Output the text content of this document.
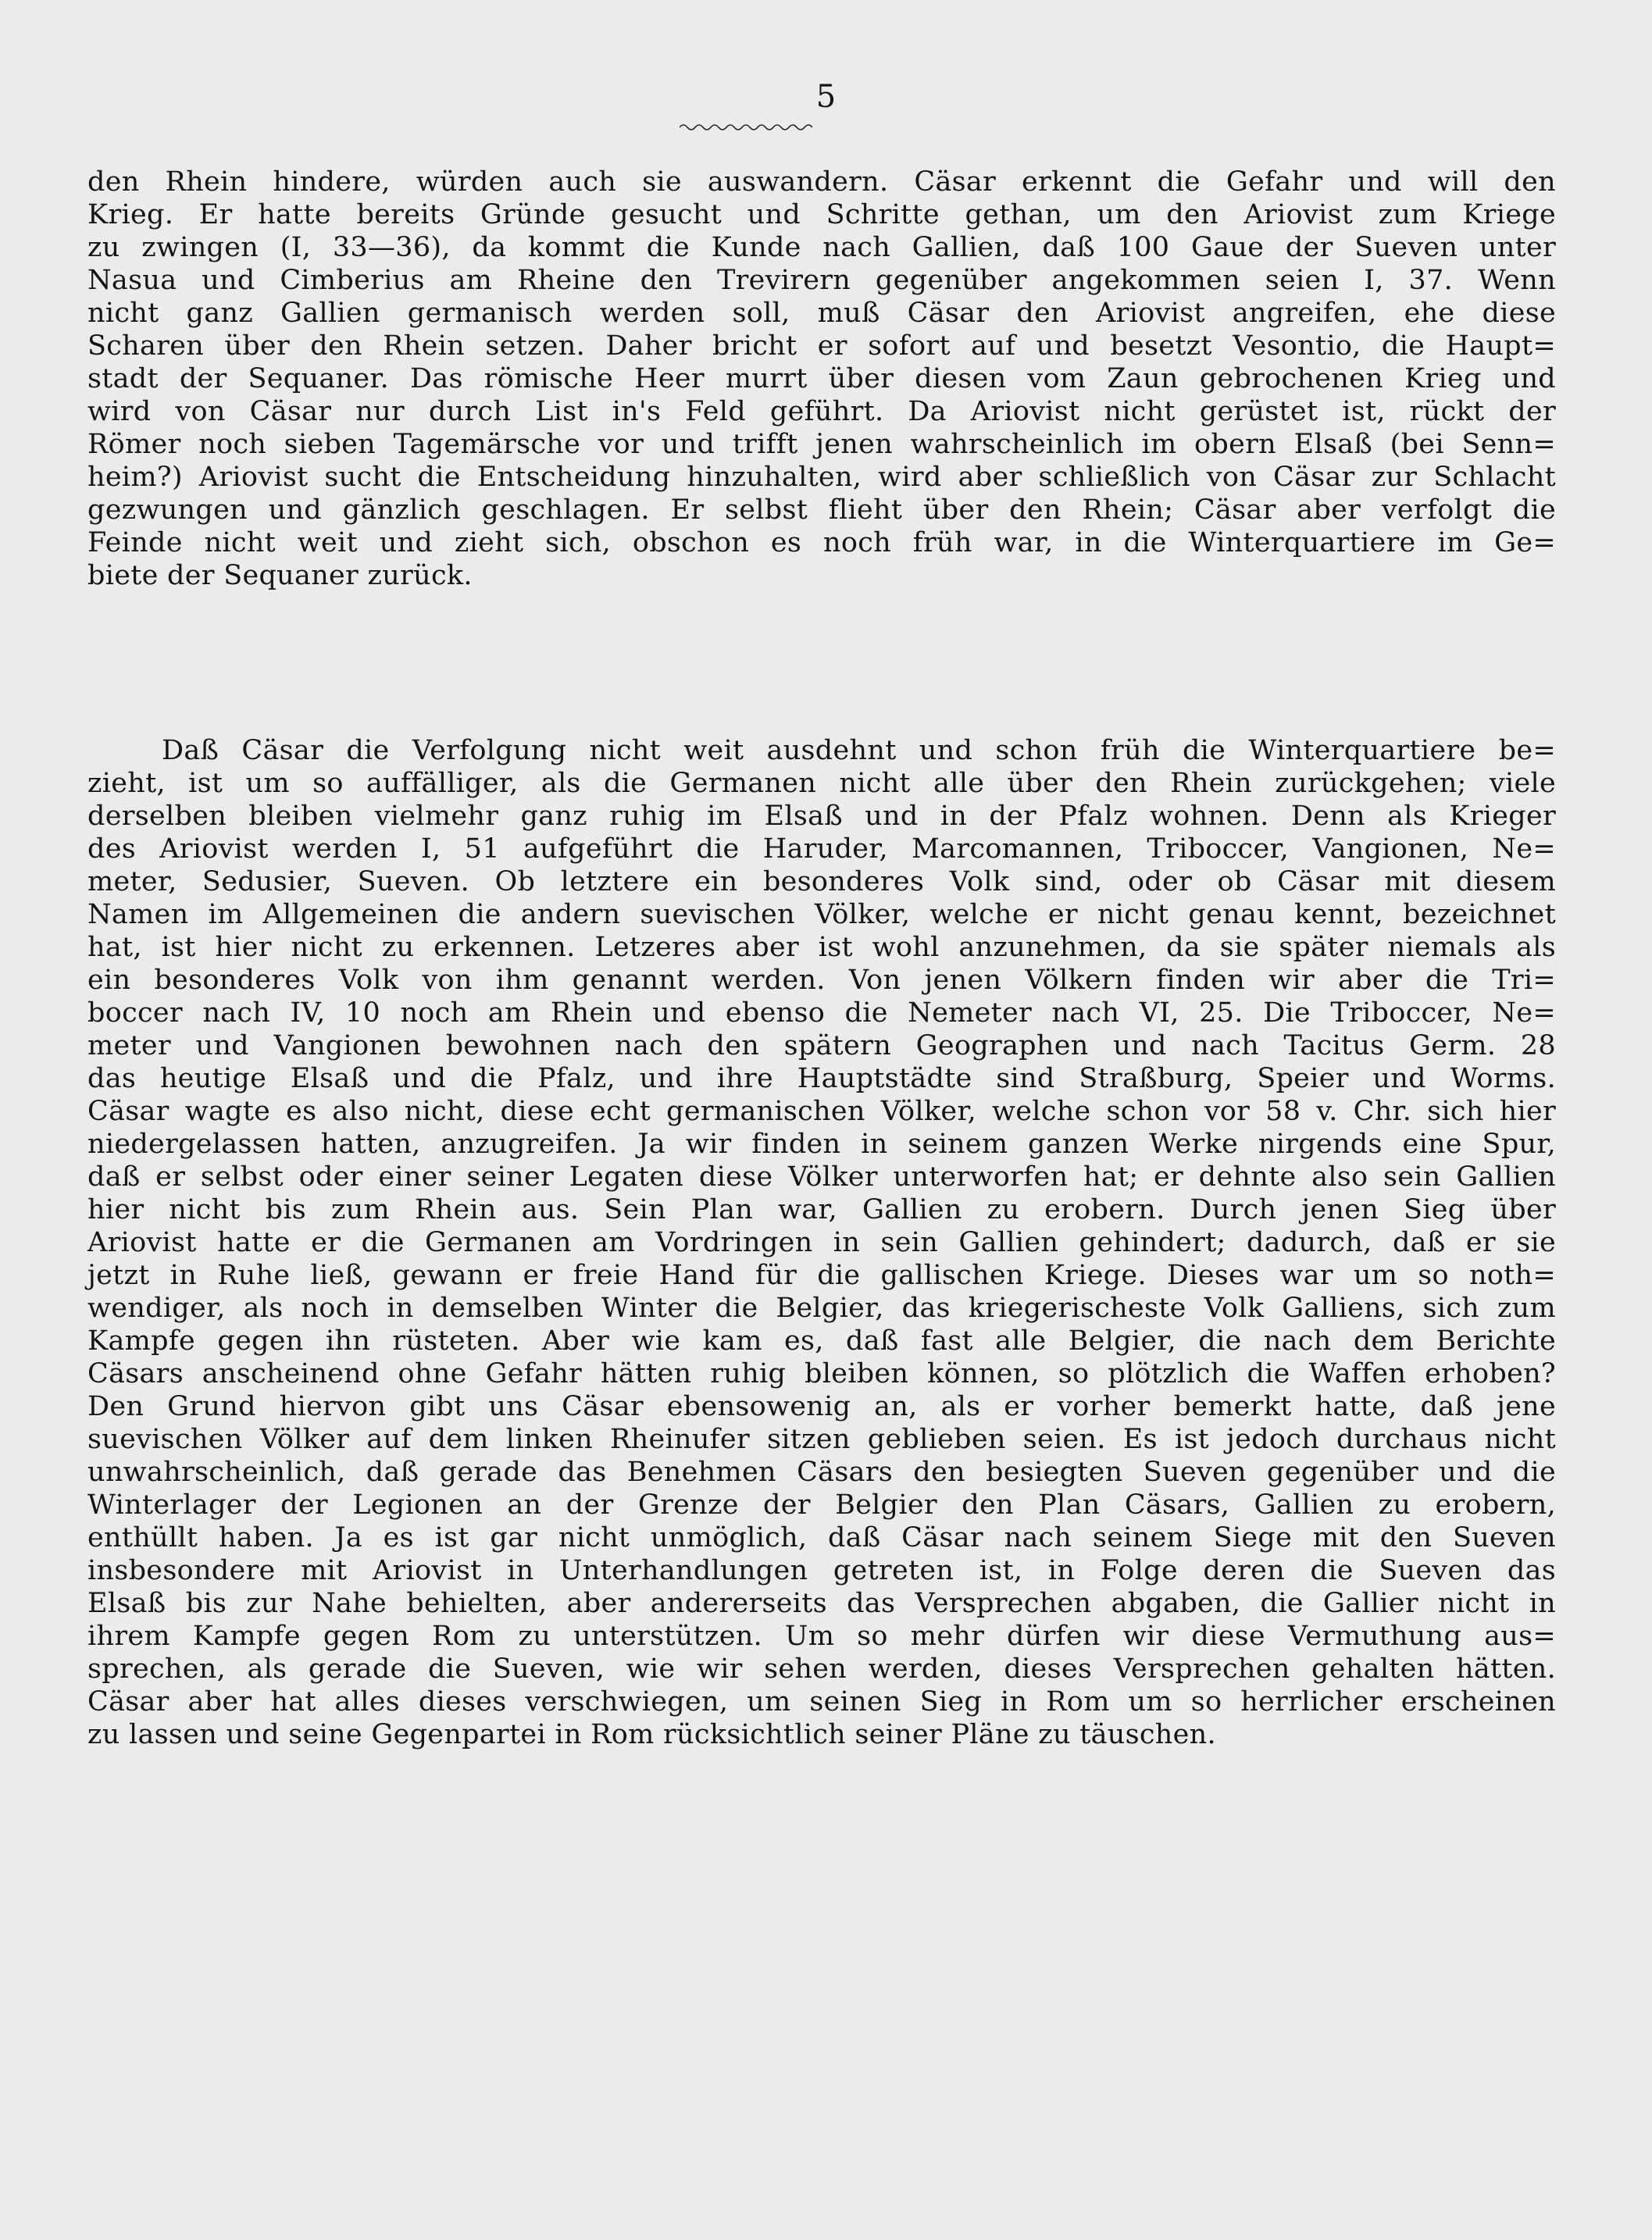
5
den Rhein hindere, würden auch sie auswandern. Cäsar erkennt die Gefahr und will den
Krieg. Er hatte bereits Gründe gesucht und Schritte gethan, um den Ariovist zum Kriege
zu zwingen (I, 33—36), da kommt die Kunde nach Gallien, daß 100 Gaue der Sueven unter
Nasua und Cimberius am Rheine den Trevirern gegenüber angekommen seien I, 37. Wenn
nicht ganz Gallien germanisch werden soll, muß Cäsar den Ariovist angreifen, ehe diese
Scharen über den Rhein setzen. Daher bricht er sofort auf und besetzt Vesontio, die Haupt=
stadt der Sequaner. Das römische Heer murrt über diesen vom Zaun gebrochenen Krieg und
wird von Cäsar nur durch List in's Feld geführt. Da Ariovist nicht gerüstet ist, rückt der
Römer noch sieben Tagemärsche vor und trifft jenen wahrscheinlich im obern Elsaß (bei Senn=
heim?) Ariovist sucht die Entscheidung hinzuhalten, wird aber schließlich von Cäsar zur Schlacht
gezwungen und gänzlich geschlagen. Er selbst flieht über den Rhein; Cäsar aber verfolgt die
Feinde nicht weit und zieht sich, obschon es noch früh war, in die Winterquartiere im Ge=
biete der Sequaner zurück.
Daß Cäsar die Verfolgung nicht weit ausdehnt und schon früh die Winterquartiere be=
zieht, ist um so auffälliger, als die Germanen nicht alle über den Rhein zurückgehen; viele
derselben bleiben vielmehr ganz ruhig im Elsaß und in der Pfalz wohnen. Denn als Krieger
des Ariovist werden I, 51 aufgeführt die Haruder, Marcomannen, Triboccer, Vangionen, Ne=
meter, Sedusier, Sueven. Ob letztere ein besonderes Volk sind, oder ob Cäsar mit diesem
Namen im Allgemeinen die andern suevischen Völker, welche er nicht genau kennt, bezeichnet
hat, ist hier nicht zu erkennen. Letzeres aber ist wohl anzunehmen, da sie später niemals als
ein besonderes Volk von ihm genannt werden. Von jenen Völkern finden wir aber die Tri=
boccer nach IV, 10 noch am Rhein und ebenso die Nemeter nach VI, 25. Die Triboccer, Ne=
meter und Vangionen bewohnen nach den spätern Geographen und nach Tacitus Germ. 28
das heutige Elsaß und die Pfalz, und ihre Hauptstädte sind Straßburg, Speier und Worms.
Cäsar wagte es also nicht, diese echt germanischen Völker, welche schon vor 58 v. Chr. sich hier
niedergelassen hatten, anzugreifen. Ja wir finden in seinem ganzen Werke nirgends eine Spur,
daß er selbst oder einer seiner Legaten diese Völker unterworfen hat; er dehnte also sein Gallien
hier nicht bis zum Rhein aus. Sein Plan war, Gallien zu erobern. Durch jenen Sieg über
Ariovist hatte er die Germanen am Vordringen in sein Gallien gehindert; dadurch, daß er sie
jetzt in Ruhe ließ, gewann er freie Hand für die gallischen Kriege. Dieses war um so noth=
wendiger, als noch in demselben Winter die Belgier, das kriegerischeste Volk Galliens, sich zum
Kampfe gegen ihn rüsteten. Aber wie kam es, daß fast alle Belgier, die nach dem Berichte
Cäsars anscheinend ohne Gefahr hätten ruhig bleiben können, so plötzlich die Waffen erhoben?
Den Grund hiervon gibt uns Cäsar ebensowenig an, als er vorher bemerkt hatte, daß jene
suevischen Völker auf dem linken Rheinufer sitzen geblieben seien. Es ist jedoch durchaus nicht
unwahrscheinlich, daß gerade das Benehmen Cäsars den besiegten Sueven gegenüber und die
Winterlager der Legionen an der Grenze der Belgier den Plan Cäsars, Gallien zu erobern,
enthüllt haben. Ja es ist gar nicht unmöglich, daß Cäsar nach seinem Siege mit den Sueven
insbesondere mit Ariovist in Unterhandlungen getreten ist, in Folge deren die Sueven das
Elsaß bis zur Nahe behielten, aber andererseits das Versprechen abgaben, die Gallier nicht in
ihrem Kampfe gegen Rom zu unterstützen. Um so mehr dürfen wir diese Vermuthung aus=
sprechen, als gerade die Sueven, wie wir sehen werden, dieses Versprechen gehalten hätten.
Cäsar aber hat alles dieses verschwiegen, um seinen Sieg in Rom um so herrlicher erscheinen
zu lassen und seine Gegenpartei in Rom rücksichtlich seiner Pläne zu täuschen.
